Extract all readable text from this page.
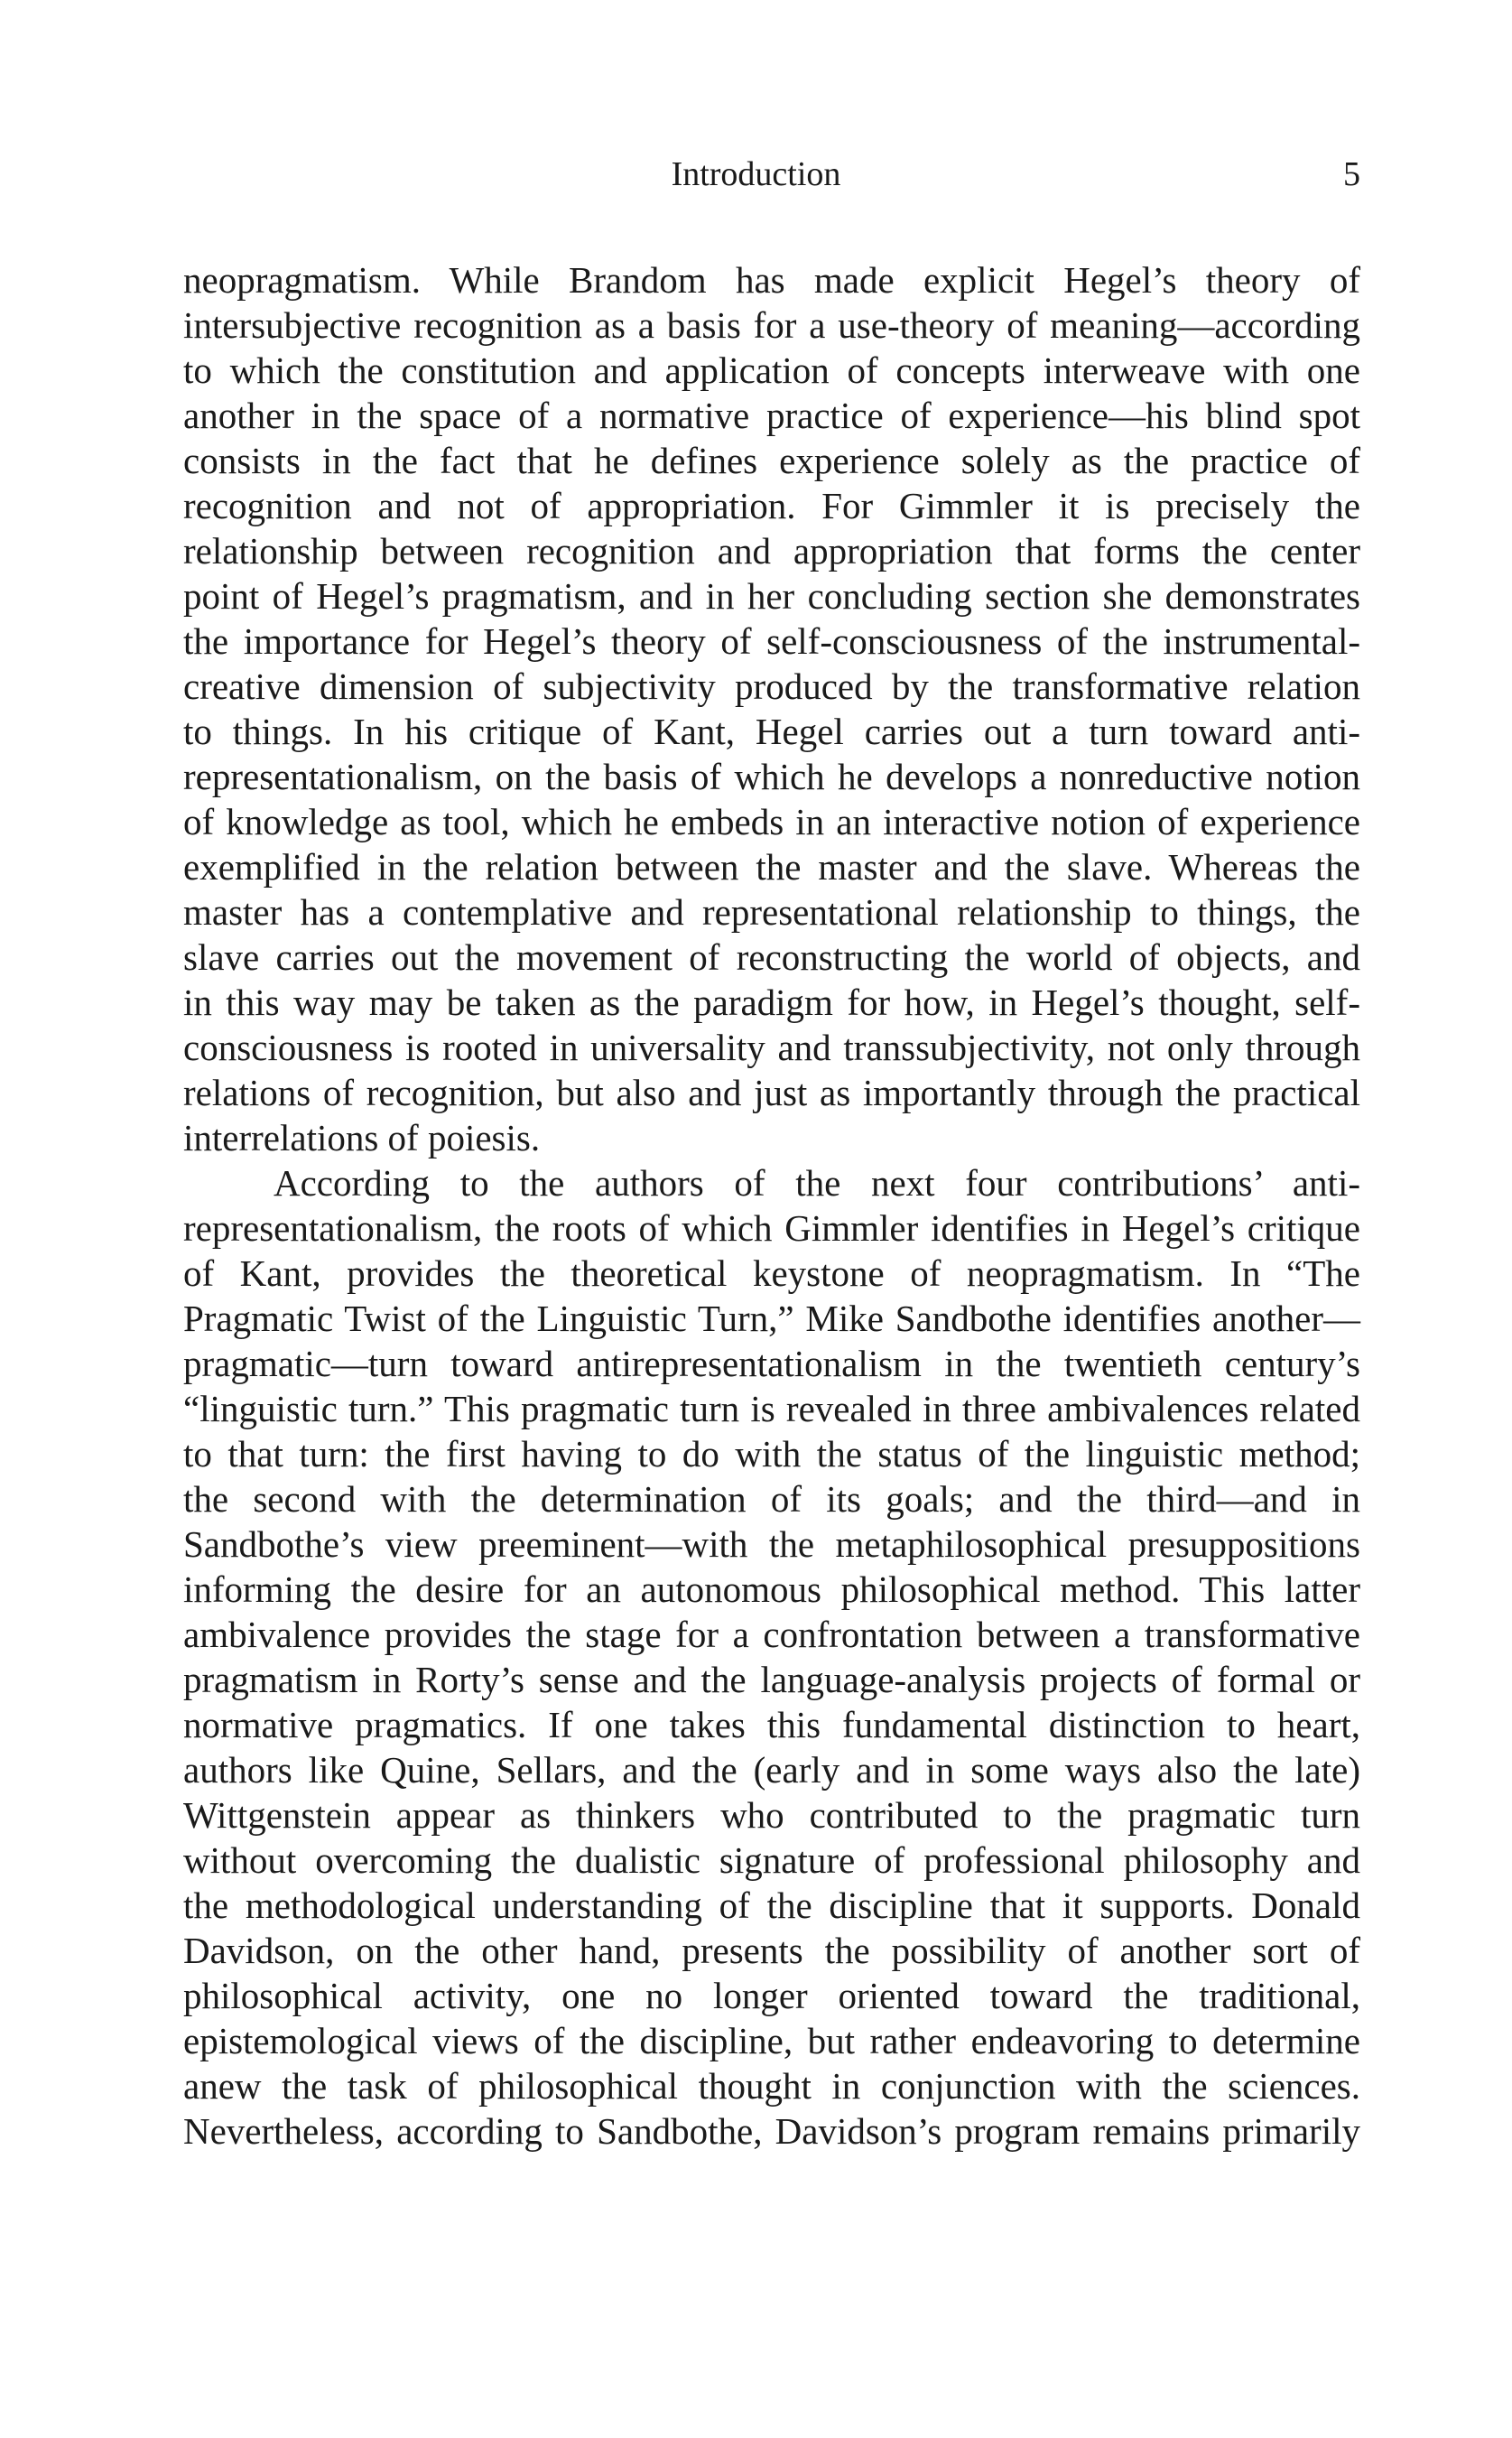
Introduction	5
neopragmatism. While Brandom has made explicit Hegel’s theory of
intersubjective recognition as a basis for a use-theory of meaning—according
to which the constitution and application of concepts interweave with one
another in the space of a normative practice of experience—his blind spot
consists in the fact that he defines experience solely as the practice of
recognition and not of appropriation. For Gimmler it is precisely the
relationship between recognition and appropriation that forms the center
point of Hegel’s pragmatism, and in her concluding section she demonstrates
the importance for Hegel’s theory of self-consciousness of the instrumental-
creative dimension of subjectivity produced by the transformative relation
to things. In his critique of Kant, Hegel carries out a turn toward anti-
representationalism, on the basis of which he develops a nonreductive notion
of knowledge as tool, which he embeds in an interactive notion of experience
exemplified in the relation between the master and the slave. Whereas the
master has a contemplative and representational relationship to things, the
slave carries out the movement of reconstructing the world of objects, and
in this way may be taken as the paradigm for how, in Hegel’s thought, self-
consciousness is rooted in universality and transsubjectivity, not only through
relations of recognition, but also and just as importantly through the practical
interrelations of poiesis.
According to the authors of the next four contributions’ anti-
representationalism, the roots of which Gimmler identifies in Hegel’s critique
of Kant, provides the theoretical keystone of neopragmatism. In “The
Pragmatic Twist of the Linguistic Turn,” Mike Sandbothe identifies another—
pragmatic—turn toward antirepresentationalism in the twentieth century’s
“linguistic turn.” This pragmatic turn is revealed in three ambivalences related
to that turn: the first having to do with the status of the linguistic method;
the second with the determination of its goals; and the third—and in
Sandbothe’s view preeminent—with the metaphilosophical presuppositions
informing the desire for an autonomous philosophical method. This latter
ambivalence provides the stage for a confrontation between a transformative
pragmatism in Rorty’s sense and the language-analysis projects of formal or
normative pragmatics. If one takes this fundamental distinction to heart,
authors like Quine, Sellars, and the (early and in some ways also the late)
Wittgenstein appear as thinkers who contributed to the pragmatic turn
without overcoming the dualistic signature of professional philosophy and
the methodological understanding of the discipline that it supports. Donald
Davidson, on the other hand, presents the possibility of another sort of
philosophical activity, one no longer oriented toward the traditional,
epistemological views of the discipline, but rather endeavoring to determine
anew the task of philosophical thought in conjunction with the sciences.
Nevertheless, according to Sandbothe, Davidson’s program remains primarily
